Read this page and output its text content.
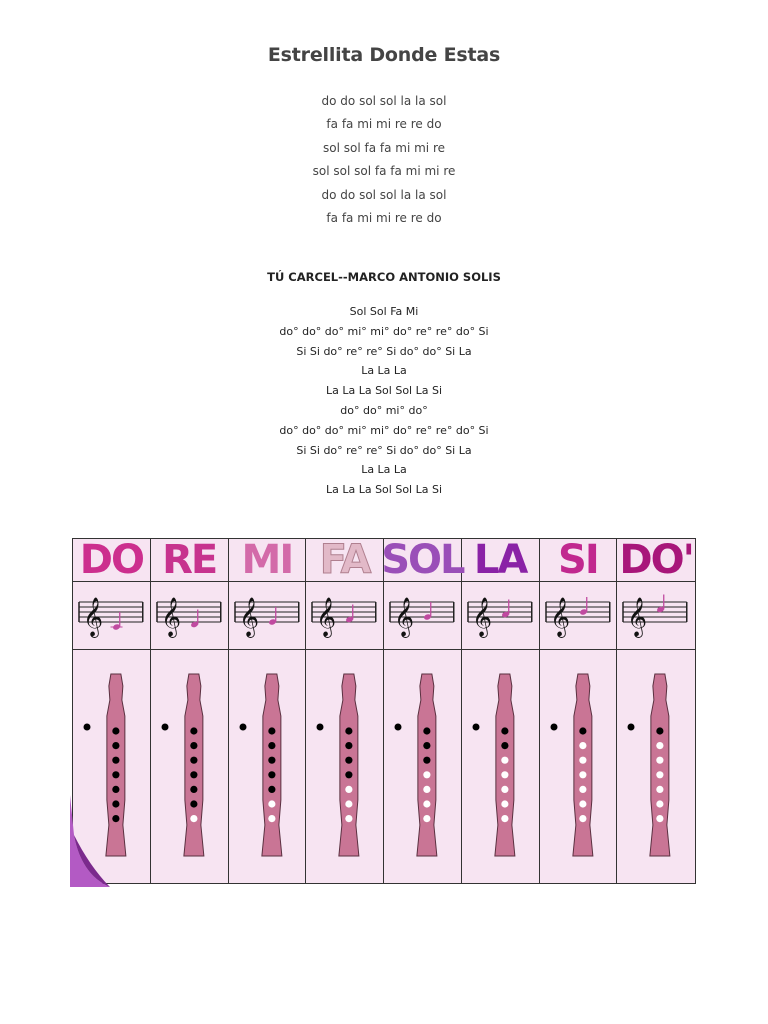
Estrellita Donde Estas
do do sol sol la la sol
fa fa mi mi re re do
sol sol fa fa mi mi re
sol sol sol fa fa mi mi re
do do sol sol la la sol
fa fa mi mi re re do
TÚ CARCEL--MARCO ANTONIO SOLIS
Sol Sol Fa Mi
do° do° do° mi° mi° do° re° re° do° Si
Si Si do° re° re° Si do° do° Si La
La La La
La La La Sol Sol La Si
do° do° mi° do°
do° do° do° mi° mi° do° re° re° do° Si
Si Si do° re° re° Si do° do° Si La
La La La
La La La Sol Sol La Si
DO
𝄞
RE
𝄞
MI
𝄞
FA
𝄞
SOL
𝄞
LA
𝄞
SI
𝄞
DO'
𝄞
